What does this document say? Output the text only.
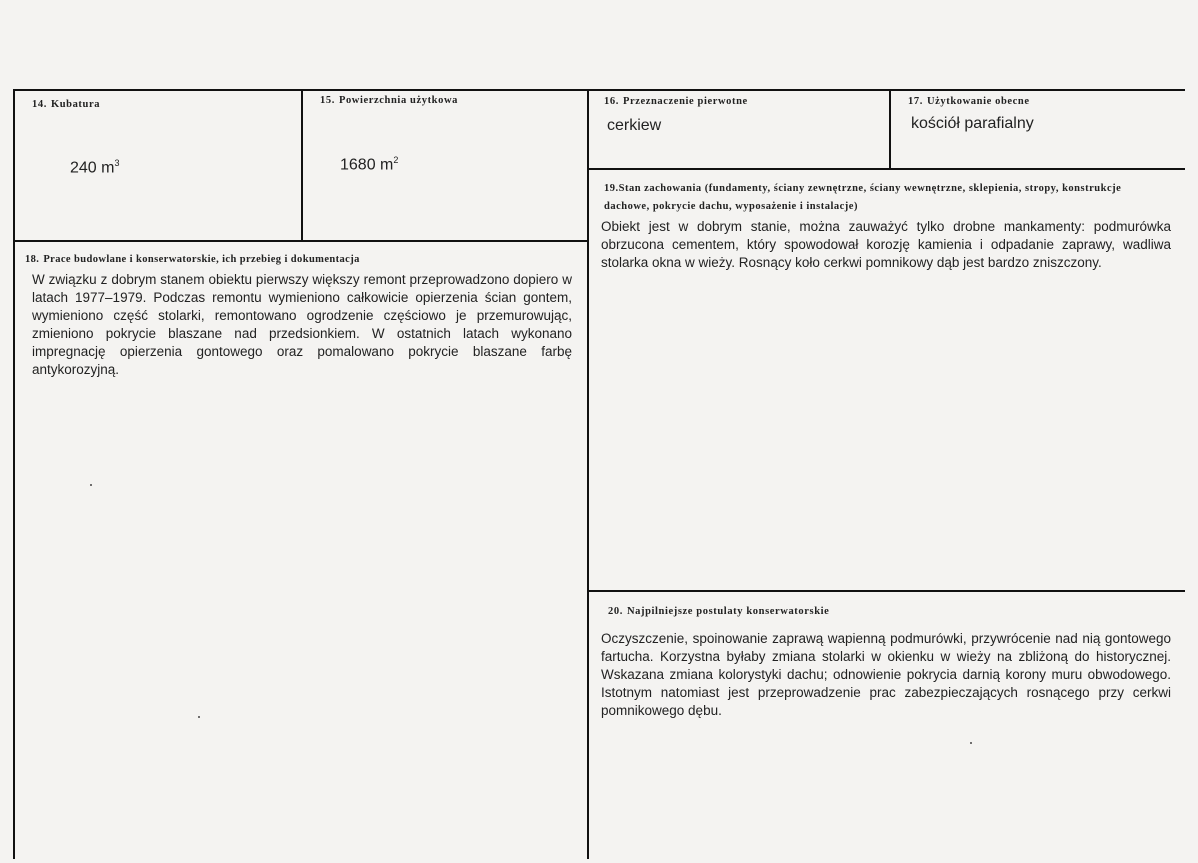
14. Kubatura
240 $m^3$
15. Powierzchnia użytkowa
1680 $m^2$
16. Przeznaczenie pierwotne
cerkiew
17. Użytkowanie obecne
kościół parafialny
18. Prace budowlane i konserwatorskie, ich przebieg i dokumentacja
W związku z dobrym stanem obiektu pierwszy większy remont przeprowadzono dopiero w latach 1977–1979. Podczas remontu wymieniono całkowicie opierzenia ścian gontem, wymieniono część stolarki, remontowano ogrodzenie częściowo je przemurowując, zmieniono pokrycie blaszane nad przedsionkiem. W ostatnich latach wykonano impregnację opierzenia gontowego oraz pomalowano pokrycie blaszane farbę antykorozyjną.
19.Stan zachowania (fundamenty, ściany zewnętrzne, ściany wewnętrzne, sklepienia, stropy, konstrukcje dachowe, pokrycie dachu, wyposażenie i instalacje)
Obiekt jest w dobrym stanie, można zauważyć tylko drobne mankamenty: podmurówka obrzucona cementem, który spowodował korozję kamienia i odpadanie zaprawy, wadliwa stolarka okna w wieży. Rosnący koło cerkwi pomnikowy dąb jest bardzo zniszczony.
20. Najpilniejsze postulaty konserwatorskie
Oczyszczenie, spoinowanie zaprawą wapienną podmurówki, przywrócenie nad nią gontowego fartucha. Korzystna byłaby zmiana stolarki w okienku w wieży na zbliżoną do historycznej. Wskazana zmiana kolorystyki dachu; odnowienie pokrycia darnią korony muru obwodowego. Istotnym natomiast jest przeprowadzenie prac zabezpieczających rosnącego przy cerkwi pomnikowego dębu.
